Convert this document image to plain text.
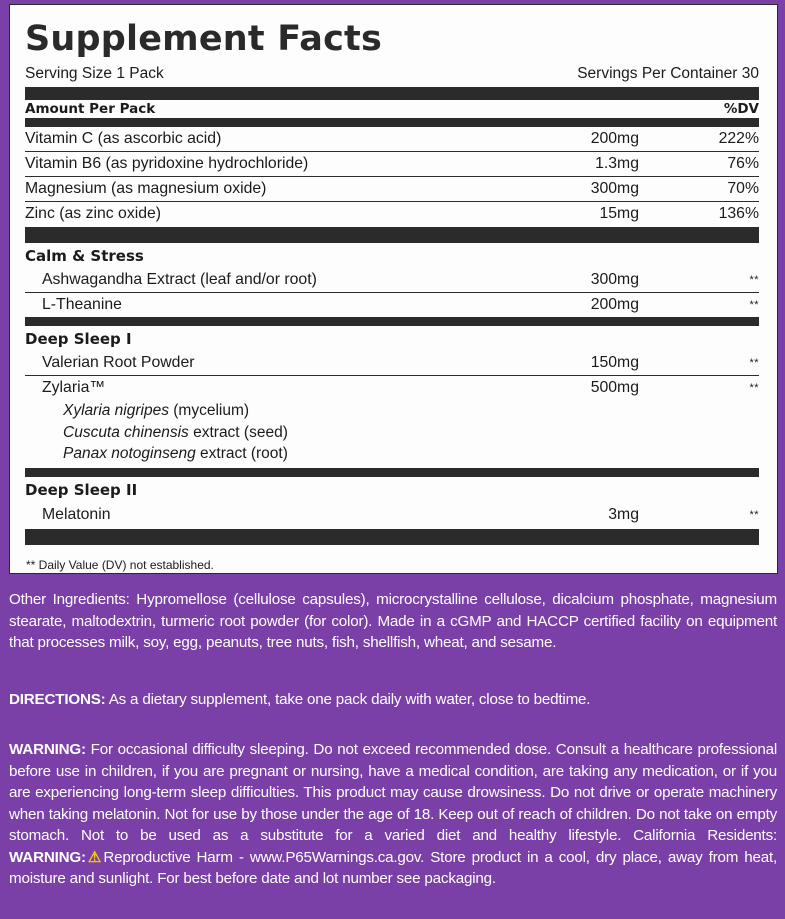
Supplement Facts
Serving Size 1 Pack	Servings Per Container 30
Amount Per Pack	%DV
Vitamin C (as ascorbic acid)	200mg	222%
Vitamin B6 (as pyridoxine hydrochloride)	1.3mg	76%
Magnesium (as magnesium oxide)	300mg	70%
Zinc (as zinc oxide)	15mg	136%
Calm & Stress
Ashwagandha Extract (leaf and/or root)	300mg	**
L-Theanine	200mg	**
Deep Sleep I
Valerian Root Powder	150mg	**
Zylaria™	500mg	**
Xylaria nigripes (mycelium)
Cuscuta chinensis extract (seed)
Panax notoginseng extract (root)
Deep Sleep II
Melatonin	3mg	**
** Daily Value (DV) not established.

Other Ingredients: Hypromellose (cellulose capsules), microcrystalline cellulose, dicalcium phosphate, magnesium stearate, maltodextrin, turmeric root powder (for color). Made in a cGMP and HACCP certified facility on equipment that processes milk, soy, egg, peanuts, tree nuts, fish, shellfish, wheat, and sesame.

DIRECTIONS: As a dietary supplement, take one pack daily with water, close to bedtime.

WARNING: For occasional difficulty sleeping. Do not exceed recommended dose. Consult a healthcare professional before use in children, if you are pregnant or nursing, have a medical condition, are taking any medication, or if you are experiencing long-term sleep difficulties. This product may cause drowsiness. Do not drive or operate machinery when taking melatonin. Not for use by those under the age of 18. Keep out of reach of children. Do not take on empty stomach. Not to be used as a substitute for a varied diet and healthy lifestyle. California Residents: WARNING:⚠Reproductive Harm - www.P65Warnings.ca.gov. Store product in a cool, dry place, away from heat, moisture and sunlight. For best before date and lot number see packaging.
